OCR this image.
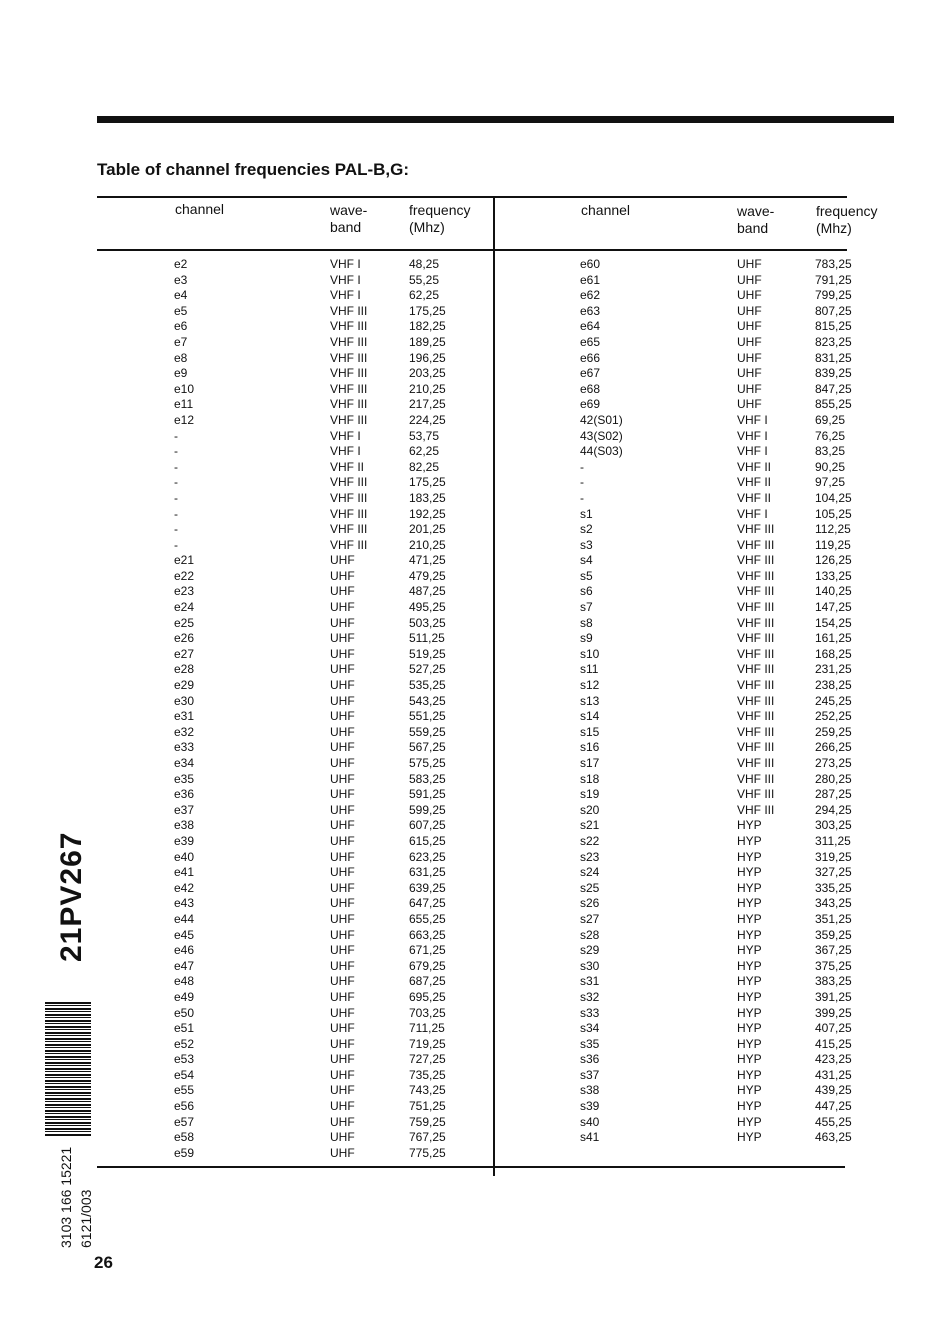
Table of channel frequencies PAL-B,G:
channel	wave-
band
frequency
(Mhz)
channel	wave-
band
frequency
(Mhz)
e2
e3
e4
e5
e6
e7
e8
e9
e10
e11
e12
-
-
-
-
-
-
-
-
e21
e22
e23
e24
e25
e26
e27
e28
e29
e30
e31
e32
e33
e34
e35
e36
e37
e38
e39
e40
e41
e42
e43
e44
e45
e46
e47
e48
e49
e50
e51
e52
e53
e54
e55
e56
e57
e58
e59
VHF I
VHF I
VHF I
VHF III
VHF III
VHF III
VHF III
VHF III
VHF III
VHF III
VHF III
VHF I
VHF I
VHF II
VHF III
VHF III
VHF III
VHF III
VHF III
UHF
UHF
UHF
UHF
UHF
UHF
UHF
UHF
UHF
UHF
UHF
UHF
UHF
UHF
UHF
UHF
UHF
UHF
UHF
UHF
UHF
UHF
UHF
UHF
UHF
UHF
UHF
UHF
UHF
UHF
UHF
UHF
UHF
UHF
UHF
UHF
UHF
UHF
UHF
48,25
55,25
62,25
175,25
182,25
189,25
196,25
203,25
210,25
217,25
224,25
53,75
62,25
82,25
175,25
183,25
192,25
201,25
210,25
471,25
479,25
487,25
495,25
503,25
511,25
519,25
527,25
535,25
543,25
551,25
559,25
567,25
575,25
583,25
591,25
599,25
607,25
615,25
623,25
631,25
639,25
647,25
655,25
663,25
671,25
679,25
687,25
695,25
703,25
711,25
719,25
727,25
735,25
743,25
751,25
759,25
767,25
775,25
e60
e61
e62
e63
e64
e65
e66
e67
e68
e69
42(S01)
43(S02)
44(S03)
-
-
-
s1
s2
s3
s4
s5
s6
s7
s8
s9
s10
s11
s12
s13
s14
s15
s16
s17
s18
s19
s20
s21
s22
s23
s24
s25
s26
s27
s28
s29
s30
s31
s32
s33
s34
s35
s36
s37
s38
s39
s40
s41
UHF
UHF
UHF
UHF
UHF
UHF
UHF
UHF
UHF
UHF
VHF I
VHF I
VHF I
VHF II
VHF II
VHF II
VHF I
VHF III
VHF III
VHF III
VHF III
VHF III
VHF III
VHF III
VHF III
VHF III
VHF III
VHF III
VHF III
VHF III
VHF III
VHF III
VHF III
VHF III
VHF III
VHF III
HYP
HYP
HYP
HYP
HYP
HYP
HYP
HYP
HYP
HYP
HYP
HYP
HYP
HYP
HYP
HYP
HYP
HYP
HYP
HYP
HYP
783,25
791,25
799,25
807,25
815,25
823,25
831,25
839,25
847,25
855,25
69,25
76,25
83,25
90,25
97,25
104,25
105,25
112,25
119,25
126,25
133,25
140,25
147,25
154,25
161,25
168,25
231,25
238,25
245,25
252,25
259,25
266,25
273,25
280,25
287,25
294,25
303,25
311,25
319,25
327,25
335,25
343,25
351,25
359,25
367,25
375,25
383,25
391,25
399,25
407,25
415,25
423,25
431,25
439,25
447,25
455,25
463,25
21PV267
3103 166 15221 6121/003
26
